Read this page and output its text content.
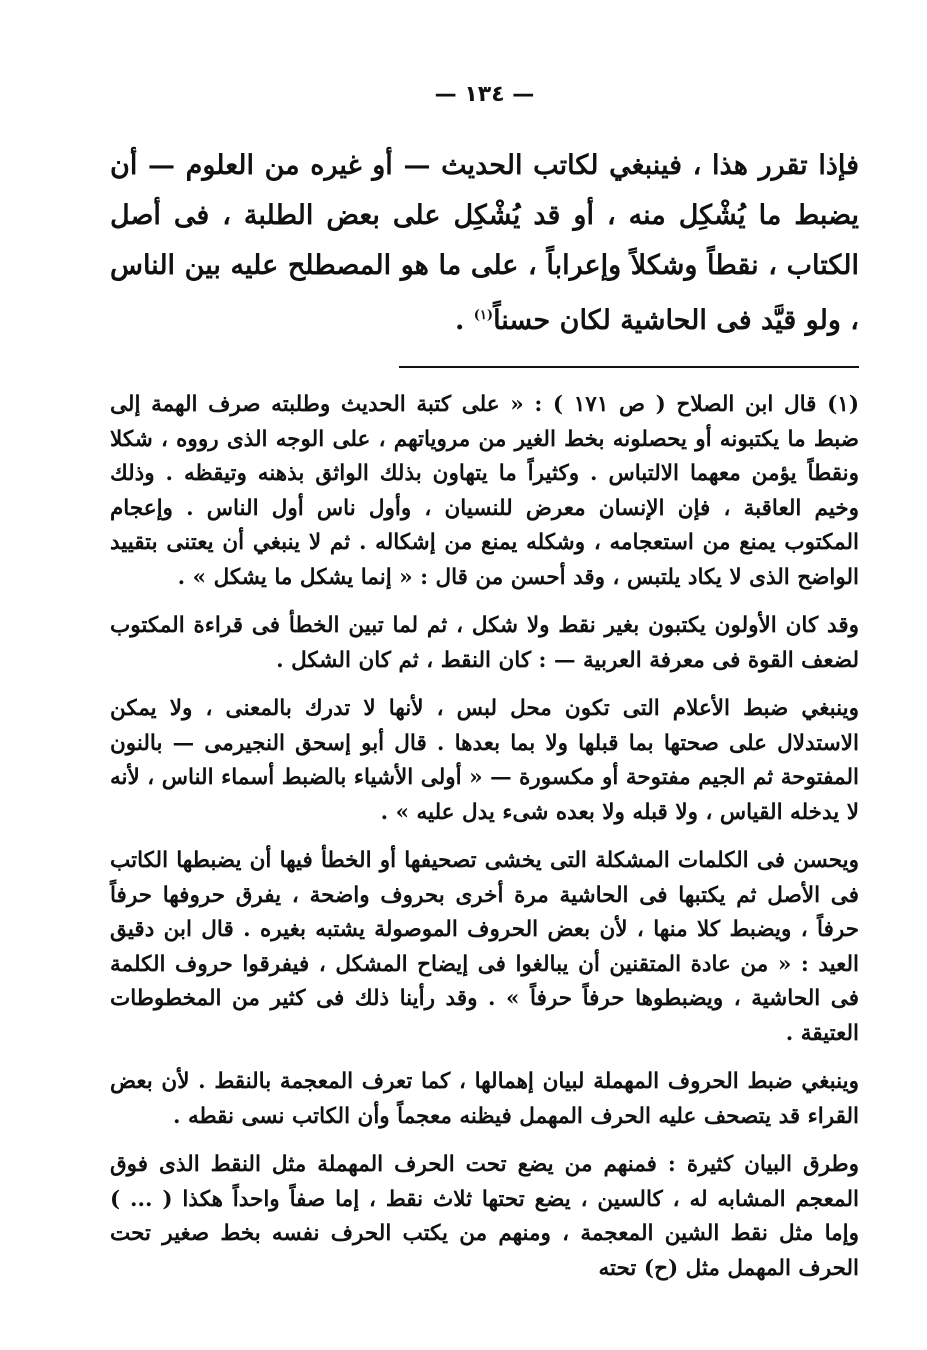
— ١٣٤ —

فإذا تقرر هذا ، فينبغي لكاتب الحديث — أو غيره من العلوم — أن يضبط ما يُشْكِل منه ، أو قد يُشْكِل على بعض الطلبة ، فى أصل الكتاب ، نقطاً وشكلاً وإعراباً ، على ما هو المصطلح عليه بين الناس ، ولو قيَّد فى الحاشية لكان حسناً$^{(١)}$ .

(١) قال ابن الصلاح ( ص ١٧١ ) : « على كتبة الحديث وطلبته صرف الهمة إلى ضبط ما يكتبونه أو يحصلونه بخط الغير من مروياتهم ، على الوجه الذى رووه ، شكلا ونقطاً يؤمن معهما الالتباس . وكثيراً ما يتهاون بذلك الواثق بذهنه وتيقظه . وذلك وخيم العاقبة ، فإن الإنسان معرض للنسيان ، وأول ناس أول الناس . وإعجام المكتوب يمنع من استعجامه ، وشكله يمنع من إشكاله . ثم لا ينبغي أن يعتنى بتقييد الواضح الذى لا يكاد يلتبس ، وقد أحسن من قال : « إنما يشكل ما يشكل » .

وقد كان الأولون يكتبون بغير نقط ولا شكل ، ثم لما تبين الخطأ فى قراءة المكتوب لضعف القوة فى معرفة العربية — : كان النقط ، ثم كان الشكل .

وينبغي ضبط الأعلام التى تكون محل لبس ، لأنها لا تدرك بالمعنى ، ولا يمكن الاستدلال على صحتها بما قبلها ولا بما بعدها . قال أبو إسحق النجيرمى — بالنون المفتوحة ثم الجيم مفتوحة أو مكسورة — « أولى الأشياء بالضبط أسماء الناس ، لأنه لا يدخله القياس ، ولا قبله ولا بعده شىء يدل عليه » .

ويحسن فى الكلمات المشكلة التى يخشى تصحيفها أو الخطأ فيها أن يضبطها الكاتب فى الأصل ثم يكتبها فى الحاشية مرة أخرى بحروف واضحة ، يفرق حروفها حرفاً حرفاً ، ويضبط كلا منها ، لأن بعض الحروف الموصولة يشتبه بغيره . قال ابن دقيق العيد : « من عادة المتقنين أن يبالغوا فى إيضاح المشكل ، فيفرقوا حروف الكلمة فى الحاشية ، ويضبطوها حرفاً حرفاً » . وقد رأينا ذلك فى كثير من المخطوطات العتيقة .

وينبغي ضبط الحروف المهملة لبيان إهمالها ، كما تعرف المعجمة بالنقط . لأن بعض القراء قد يتصحف عليه الحرف المهمل فيظنه معجماً وأن الكاتب نسى نقطه .

وطرق البيان كثيرة : فمنهم من يضع تحت الحرف المهملة مثل النقط الذى فوق المعجم المشابه له ، كالسين ، يضع تحتها ثلاث نقط ، إما صفاً واحداً هكذا ( ... ) وإما مثل نقط الشين المعجمة ، ومنهم من يكتب الحرف نفسه بخط صغير تحت الحرف المهمل مثل (ح) تحته
